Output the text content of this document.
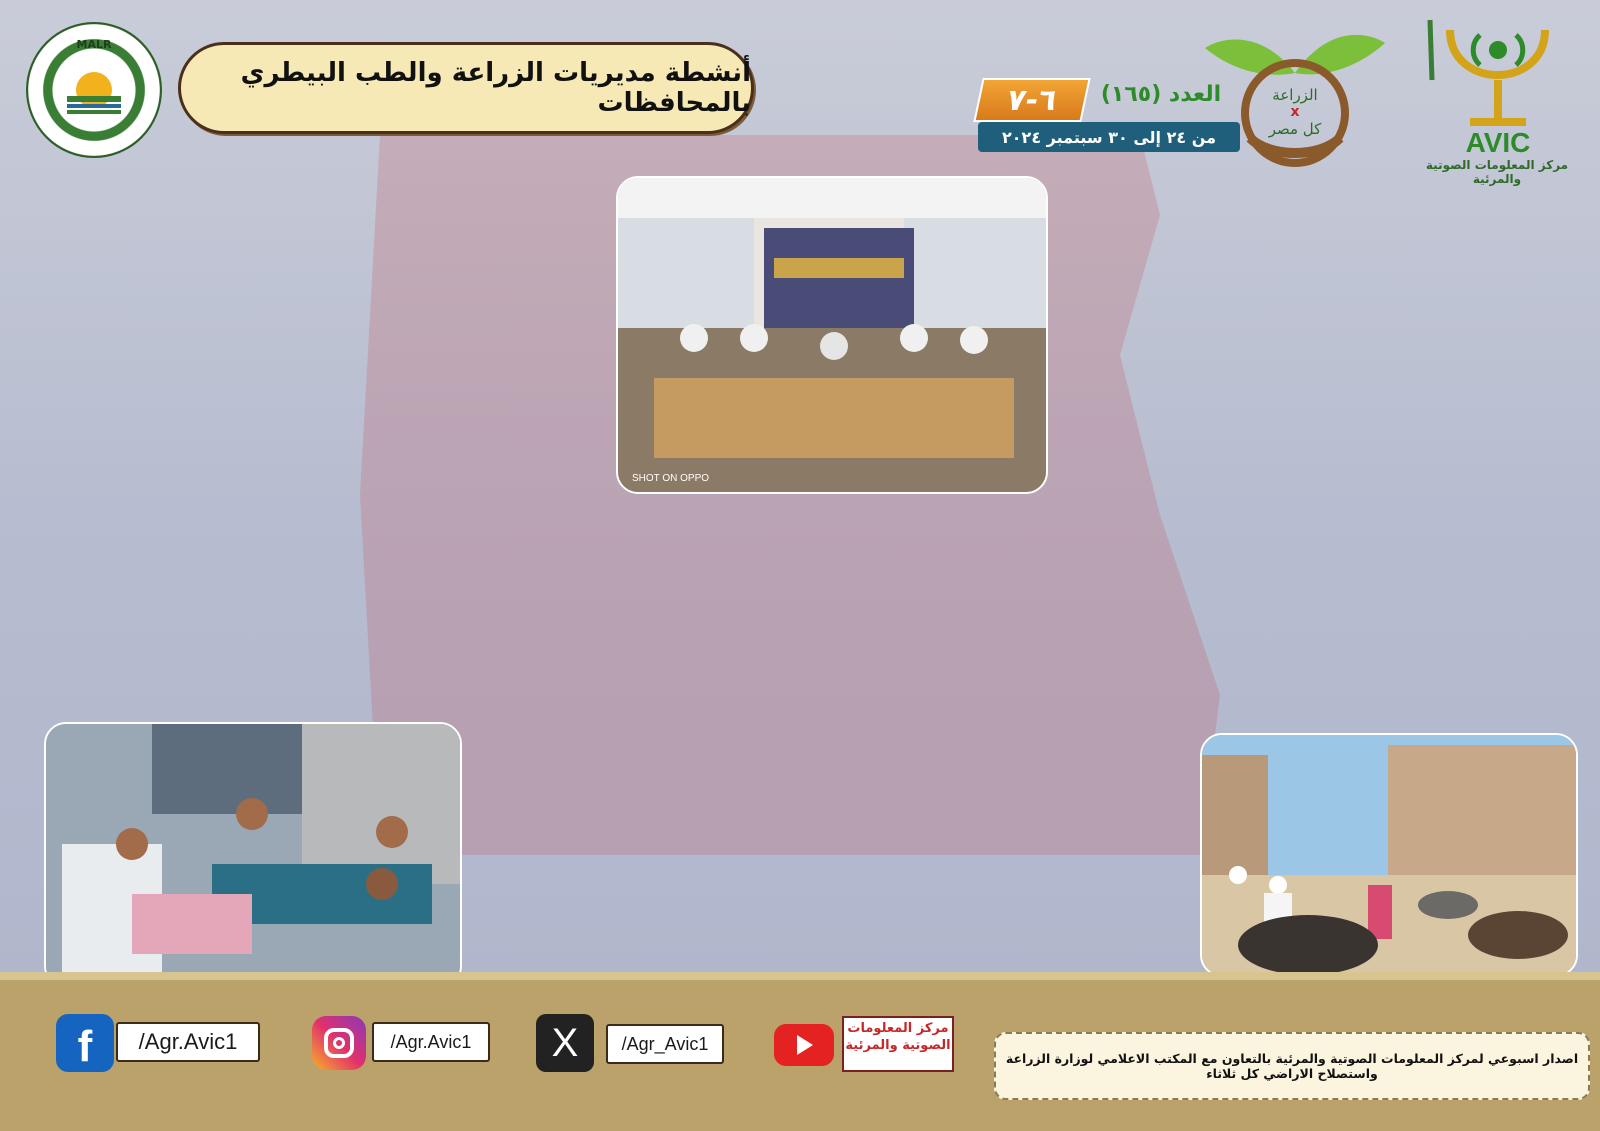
MALR
أنشطة مديريات الزراعة والطب البيطري بالمحافظات	٦-٧	العدد (١٦٥)
من ٢٤ إلى ٣٠ سبتمبر ٢٠٢٤
الزراعة
x
كل مصر	AVIC
مركز المعلومات الصوتية والمرئية
SHOT ON OPPO
f	/Agr.Avic1	/Agr.Avic1	X	/Agr_Avic1
مركز المعلومات الصوتية والمرئية
اصدار اسبوعي لمركز المعلومات الصوتية والمرئية بالتعاون مع المكتب الاعلامي لوزارة الزراعة واستصلاح الاراضي كل ثلاثاء
